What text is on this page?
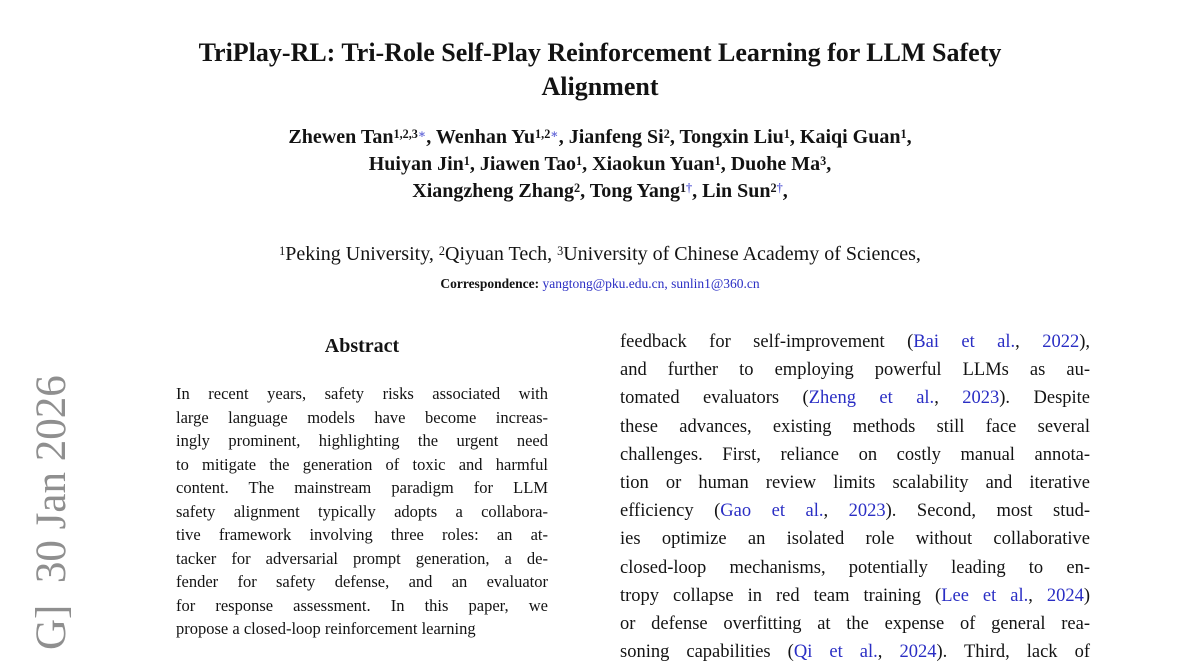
G]  30 Jan 2026
TriPlay-RL: Tri-Role Self-Play Reinforcement Learning for LLM Safety
Alignment
Zhewen Tan$^{1,2,3∗}$, Wenhan $Yu^{1,2∗}$, Jianfeng Si$^2$, Tongxin Liu$^1$, Kaiqi Guan$^1$,
Huiyan Jin$^1$, Jiawen Tao$^1$, Xiaokun Yuan$^1$, Duohe Ma$^3$,
Xiangzheng Zhang$^2$, Tong Yang$^{1\dagger}$, Lin Sun$^{2\dagger}$,
$^1$Peking University, $^2$Qiyuan Tech, $^3$University of Chinese Academy of Sciences,
Correspondence: yangtong@pku.edu.cn, sunlin1@360.cn
Abstract
In recent years, safety risks associated with
large language models have become increas-
ingly prominent, highlighting the urgent need
to mitigate the generation of toxic and harmful
content. The mainstream paradigm for LLM
safety alignment typically adopts a collabora-
tive framework involving three roles: an at-
tacker for adversarial prompt generation, a de-
fender for safety defense, and an evaluator
for response assessment. In this paper, we
propose a closed-loop reinforcement learning
feedback for self-improvement (Bai et al., 2022),
and further to employing powerful LLMs as au-
tomated evaluators (Zheng et al., 2023). Despite
these advances, existing methods still face several
challenges. First, reliance on costly manual annota-
tion or human review limits scalability and iterative
efficiency (Gao et al., 2023). Second, most stud-
ies optimize an isolated role without collaborative
closed-loop mechanisms, potentially leading to en-
tropy collapse in red team training (Lee et al., 2024)
or defense overfitting at the expense of general rea-
soning capabilities (Qi et al., 2024). Third, lack of
